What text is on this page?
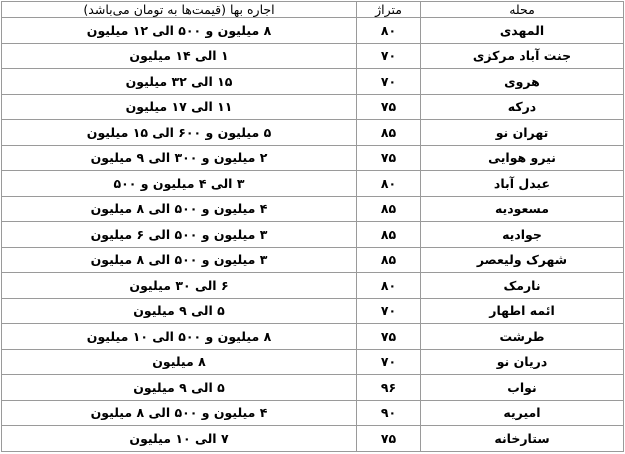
محله	متراژ	اجاره بها (قیمت‌ها به تومان می‌باشد)
المهدی	۸۰	۸ میلیون و ۵۰۰ الی ۱۲ میلیون
جنت آباد مرکزی	۷۰	۱ الی ۱۴ میلیون
هروی	۷۰	۱۵ الی ۳۲ میلیون
درکه	۷۵	۱۱ الی ۱۷ میلیون
تهران نو	۸۵	۵ میلیون و ۶۰۰ الی ۱۵ میلیون
نیرو هوایی	۷۵	۲ میلیون و ۳۰۰ الی ۹ میلیون
عبدل آباد	۸۰	۳ الی ۴ میلیون و ۵۰۰
مسعودیه	۸۵	۴ میلیون و ۵۰۰ الی ۸ میلیون
جوادیه	۸۵	۳ میلیون و ۵۰۰ الی ۶ میلیون
شهرک ولیعصر	۸۵	۳ میلیون و ۵۰۰ الی ۸ میلیون
نارمک	۸۰	۶ الی ۳۰ میلیون
ائمه اطهار	۷۰	۵ الی ۹ میلیون
طرشت	۷۵	۸ میلیون و ۵۰۰ الی ۱۰ میلیون
دریان نو	۷۰	۸ میلیون
نواب	۹۶	۵ الی ۹ میلیون
امیریه	۹۰	۴ میلیون و ۵۰۰ الی ۸ میلیون
ستارخانه	۷۵	۷ الی ۱۰ میلیون
